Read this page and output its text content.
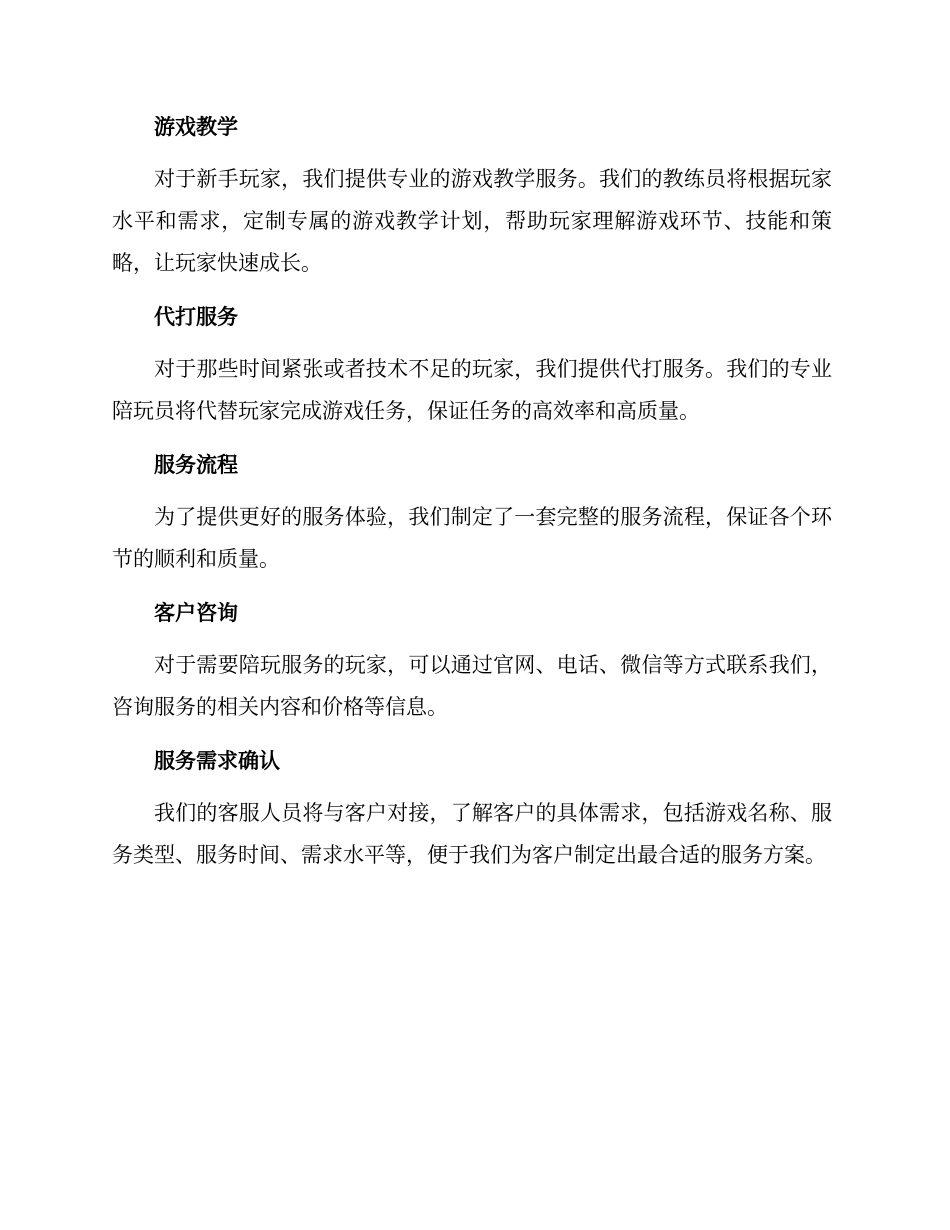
游戏教学

对于新手玩家，我们提供专业的游戏教学服务。我们的教练员将根据玩家水平和需求，定制专属的游戏教学计划，帮助玩家理解游戏环节、技能和策略，让玩家快速成长。

代打服务

对于那些时间紧张或者技术不足的玩家，我们提供代打服务。我们的专业陪玩员将代替玩家完成游戏任务，保证任务的高效率和高质量。

服务流程

为了提供更好的服务体验，我们制定了一套完整的服务流程，保证各个环节的顺利和质量。

客户咨询

对于需要陪玩服务的玩家，可以通过官网、电话、微信等方式联系我们，咨询服务的相关内容和价格等信息。

服务需求确认

我们的客服人员将与客户对接，了解客户的具体需求，包括游戏名称、服务类型、服务时间、需求水平等，便于我们为客户制定出最合适的服务方案。
